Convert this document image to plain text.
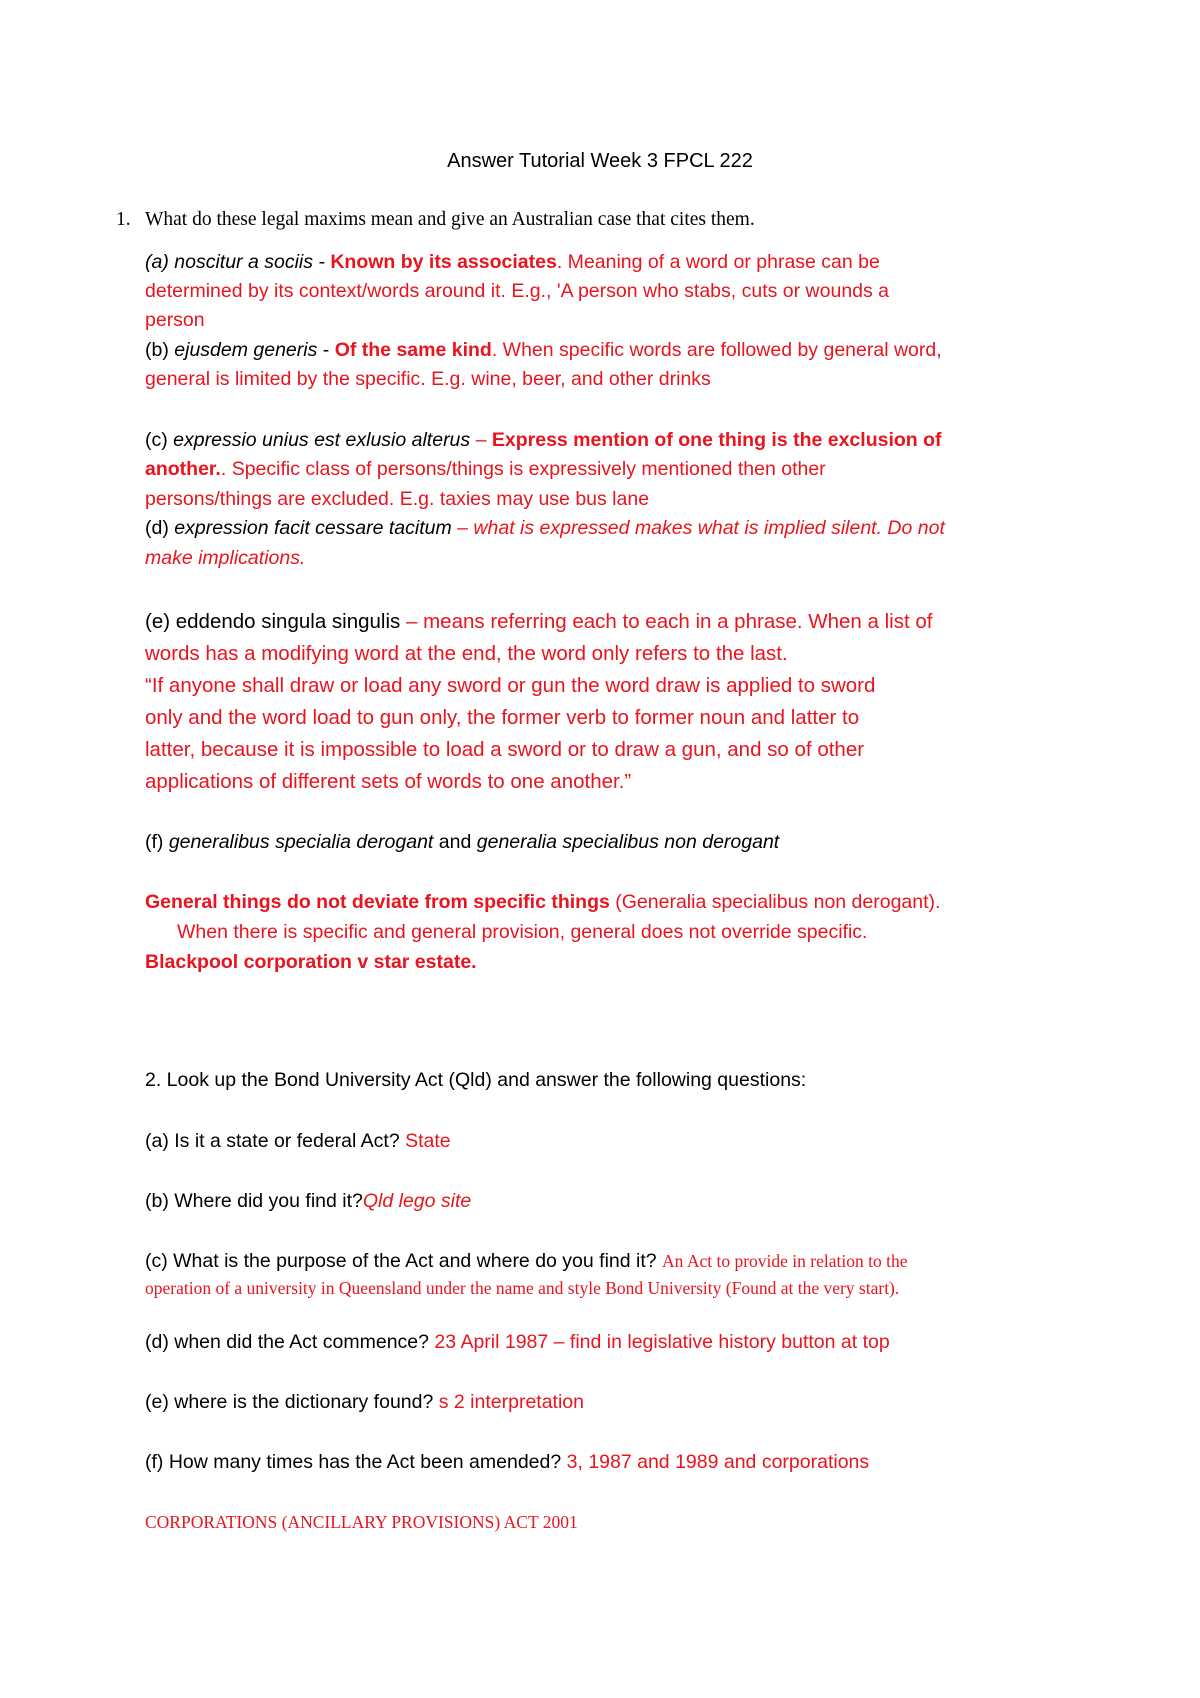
Answer Tutorial Week 3 FPCL 222
1. What do these legal maxims mean and give an Australian case that cites them.
(a) noscitur a sociis - Known by its associates. Meaning of a word or phrase can be
determined by its context/words around it. E.g., 'A person who stabs, cuts or wounds a
person
(b) ejusdem generis - Of the same kind. When specific words are followed by general word,
general is limited by the specific. E.g. wine, beer, and other drinks
(c) expressio unius est exlusio alterus – Express mention of one thing is the exclusion of
another.. Specific class of persons/things is expressively mentioned then other
persons/things are excluded. E.g. taxies may use bus lane
(d) expression facit cessare tacitum – what is expressed makes what is implied silent. Do not
make implications.
(e) eddendo singula singulis – means referring each to each in a phrase. When a list of
words has a modifying word at the end, the word only refers to the last.
“If anyone shall draw or load any sword or gun the word draw is applied to sword
only and the word load to gun only, the former verb to former noun and latter to
latter, because it is impossible to load a sword or to draw a gun, and so of other
applications of different sets of words to one another.”
(f) generalibus specialia derogant and generalia specialibus non derogant
General things do not deviate from specific things (Generalia specialibus non derogant).
When there is specific and general provision, general does not override specific.
Blackpool corporation v star estate.
2. Look up the Bond University Act (Qld) and answer the following questions:
(a) Is it a state or federal Act? State
(b) Where did you find it?Qld lego site
(c) What is the purpose of the Act and where do you find it? An Act to provide in relation to the
operation of a university in Queensland under the name and style Bond University (Found at the very start).
(d) when did the Act commence? 23 April 1987 – find in legislative history button at top
(e) where is the dictionary found? s 2 interpretation
(f) How many times has the Act been amended? 3, 1987 and 1989 and corporations
CORPORATIONS (ANCILLARY PROVISIONS) ACT 2001
